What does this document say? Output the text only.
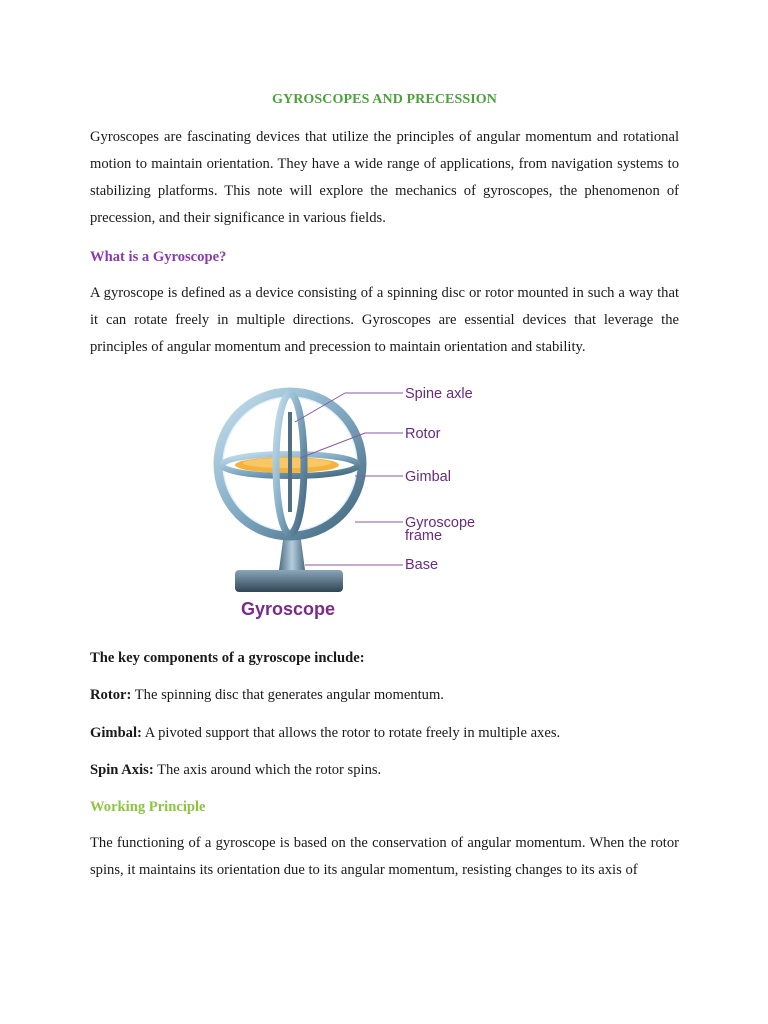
GYROSCOPES AND PRECESSION

Gyroscopes are fascinating devices that utilize the principles of angular momentum and rotational motion to maintain orientation. They have a wide range of applications, from navigation systems to stabilizing platforms. This note will explore the mechanics of gyroscopes, the phenomenon of precession, and their significance in various fields.

What is a Gyroscope?

A gyroscope is defined as a device consisting of a spinning disc or rotor mounted in such a way that it can rotate freely in multiple directions. Gyroscopes are essential devices that leverage the principles of angular momentum and precession to maintain orientation and stability.

The key components of a gyroscope include:
Rotor: The spinning disc that generates angular momentum.
Gimbal: A pivoted support that allows the rotor to rotate freely in multiple axes.
Spin Axis: The axis around which the rotor spins.
Working Principle

The functioning of a gyroscope is based on the conservation of angular momentum. When the rotor spins, it maintains its orientation due to its angular momentum, resisting changes to its axis of

Spine axle
Rotor
Gimbal
Gyroscope
frame
Base
Gyroscope
